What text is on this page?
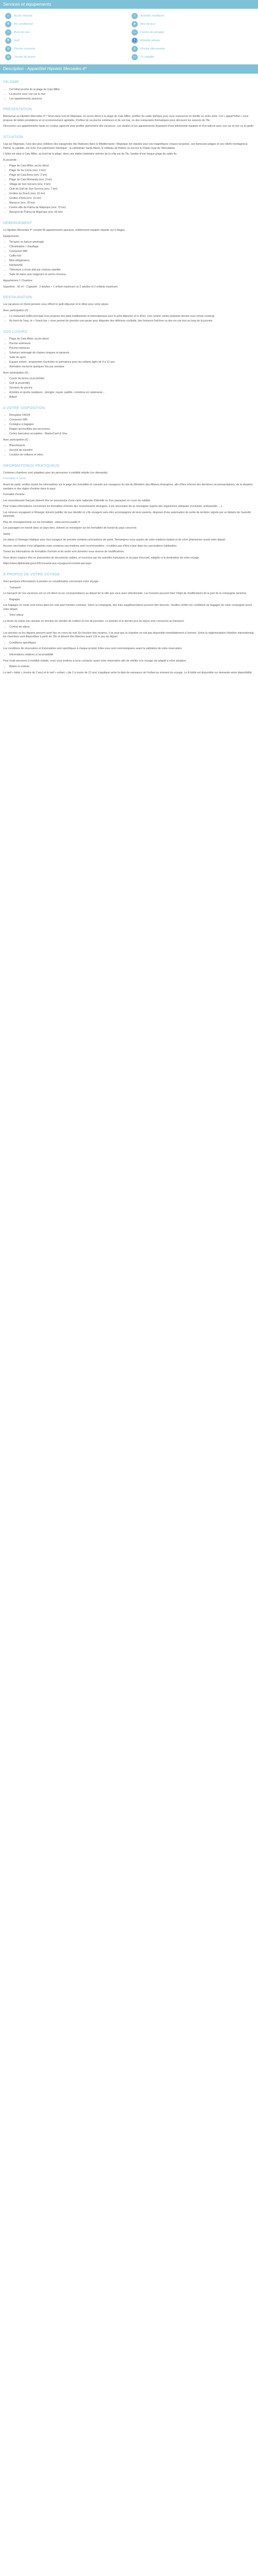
Services et équipements
⌂	Accès internet	☺	Activités nautiques
❄	Air conditionné	♣	Aire de jeux
≈	Bord de mer	♨	Centre de plongée
⚑	Golf	♿	Mobilité réduite
≋	Piscine couverte	≋	Piscine découverte
◎	Terrain de tennis	▭	Tv satellite
Description - Appartôtel Hipotels Mercedes 4*
ON AIME
• Cet hôtel proche de la plage de Cala Millor
• La piscine avec vue sur le mer
• Les appartements spacieux
PRÉSENTATION

Bienvenue au Hipotels Mercedes 4* ! Situé dans l'est de Majorque, en accès direct à la plage de Cala Millor, profitez du cadre idyllique pour vous ressourcer en famille ou entre amis. Cet « appart'hôtel » vous propose de belles prestations et un environnement agréable. Profitez de sa piscine extérieure et de son bar, ou des restaurants thématiques pour découvrir les saveurs de l'île.

Découvrez ces appartements hauts en couleur agencés pour profiter pleinement des vacances. Les studios et les appartements disposent d'une kitchenette équipée et d'un balcon avec vue sur la mer ou le jardin.

SITUATION

Cap sur Majorque, l'une des plus célèbres îles espagnoles des Baléares dans la Méditerranée ! Majorque est réputée pour ses magnifiques criques turquoise, ses fameuses plages et ses reliefs montagneux. Palma, la capitale, est riche d'un patrimoine historique : la cathédrale Santa Maria, le château de Bellver ou encore le Palais royal de l'Almudaina.

L'hôtel est situé à Cala Millor, au bord de la plage, dans une station balnéaire animée de la côte est de l'île, bordée d'une longue plage de sable fin.

À proximité :

• Plage de Cala Millor, accès direct
• Plage de Sa Coma (env. 2 km)
• Plage de Cala Bona (env. 2 km)
• Plage de Cala Morlanda (env. 3 km)
• Village de Son Servera (env. 4 km)
• Club de Golf de Son Servera (env. 7 km)
• Grottes du Drach (env. 10 km)
• Grottes d'Artà (env. 15 km)
• Manacor (env. 20 km)
• Centre-ville de Palma de Majorque (env. 73 km)
• Aéroport de Palma de Majorque (env. 66 km)
HÉBERGEMENT

Le Hipotels Mercedes 4* compte 96 appartements spacieux, entièrement équipés répartis sur 6 étages.

Équipements :

• Terrasse ou balcon aménagé
• Climatisation / chauffage
• Connexion Wifi
• Coffre-fort
• Mini-réfrigérateur
• Kitchenette
• Télévision à écran plat par chaînes satellite
• Salle de bains avec baignoire et sèche-cheveux

Appartement 1 Chambre

Superficie : 50 m² - Capacité : 3 adultes + 1 enfant maximum ou 2 adultes et 2 enfants maximum

RESTAURATION

Les vacances en Demi-pension vous offrent le petit déjeuner et le dîner pour votre séjour.

Avec participation (€) :

• Le restaurant buffet principal vous propose des plats traditionnels et internationaux pour le petit déjeuner et le dîner. Une cuisine variée préparée devant vous (show cooking).
• Au bord de l'eau, le « Snack bar » vous permet de prendre une pause pour déguster des délicieux cocktails, des boissons fraîches ou des en-cas tout au long de la journée.
VOS LOISIRS
• Plage de Cala Millor, accès direct
• Piscine extérieure
• Piscine intérieure
• Solarium aménagé de chaises longues et parasols
• Salle de sport
• Espace enfant : programme d'activités et animations pour les enfants âgés de 4 à 12 ans
• Animation nocturne quelques fois par semaine

Avec participation (€) :

• Courts de tennis (à proximité)
• Golf (à proximité)
• Services de piscine
• Activités et sports nautiques : plongée, kayak, paddle, croisières en catamaran...
• Billard
A VOTRE DISPOSITION
• Réception 24h/24
• Connexion Wifi
• Consigne à bagages
• Étages accessibles par ascenseur
• Cartes bancaires acceptées : MasterCard & Visa

Avec participation (€) :

• Blanchisserie
• Service de transfert
• Location de voitures et vélos
INFORMATION(S) PRATIQUE(S)

Certaines chambres sont adaptées pour les personnes à mobilité réduite (sur demande).

Formalités & Santé

Avant de partir, vérifiez toutes les informations sur la page des formalités et conseils aux voyageurs du site du Ministère des Affaires étrangères, afin d'être informé des dernières recommandations, de la situation sanitaire et des règles d'entrée dans le pays.

Formalité d'entrée :

Les ressortissants français doivent être en possession d'une carte nationale d'identité ou d'un passeport en cours de validité.

Pour toutes informations concernant les formalités d'entrée des ressortissants étrangers, il est nécessaire de se renseigner auprès des organismes adéquats (consulats, ambassade, ...).

Les mineurs voyageant à l'étranger doivent justifier de leur identité et, s'ils voyagent sans être accompagnés de leurs parents, disposer d'une autorisation de sortie de territoire signée par un titulaire de l'autorité parentale.

Plus de renseignements sur les formalités : www.service-public.fr

Les passagers en transit dans un pays tiers, doivent se renseigner sur les formalités de transit du pays concerné.

Santé :

Un séjour à l'étranger implique pour tout voyageur de prendre certaines précautions de santé. Renseignez-vous auprès de votre médecin traitant et de votre pharmacien avant votre départ.

Aucune vaccination n'est obligatoire mais certaines vaccinations sont recommandées ; n'oubliez pas d'être à jour dans les vaccinations habituelles.

Toutes les informations de formalités d'entrée et de santé sont données sous réserve de modifications.

Vous devez toujours être en possession de documents valides, et reconnus par les autorités françaises et du pays d'accueil, adaptés à la destination de votre voyage.

https://www.diplomatie.gouv.fr/fr/conseils-aux-voyageurs/conseils-par-pays

À PROPOS DE VOTRE VOYAGE

Voici quelques informations à prendre en considération concernant votre voyage :

• Transport

Le transport de vos vacances est un vol direct ou en correspondance au départ de la ville que vous avez sélectionnée. Les horaires peuvent faire l'objet de modifications de la part de la compagnie aérienne.

• Bagages

Les bagages en soute sont inclus dans les vols sauf mention contraire. Selon la compagnie, des frais supplémentaires peuvent être facturés. Veuillez vérifier les conditions de bagages de votre compagnie avant votre départ.

• Votre séjour

La durée du séjour est calculée en fonction du nombre de nuitées et non de journées. Le premier et le dernier jour du séjour sont consacrés au transport.

• Contrat de séjour

Les arrivées ou les départs peuvent avoir lieu en cours de nuit. En fonction des horaires, il se peut que la chambre ne soit pas disponible immédiatement à l'arrivée. Selon la réglementation hôtelière internationale, les chambres sont disponibles à partir de 15h et doivent être libérées avant 12h le jour du départ.

• Conditions spécifiques

Les conditions de réservation et d'annulation sont spécifiques à chaque produit. Elles vous sont communiquées avant la validation de votre réservation.

• Informations relatives à l'accessibilité

Pour toute personne à mobilité réduite, nous vous invitons à nous contacter avant votre réservation afin de vérifier si le voyage est adapté à votre situation.

• Bébés et enfants

Le tarif « bébé » (moins de 2 ans) et le tarif « enfant » (de 2 à moins de 12 ans) s'applique selon la date de naissance de l'enfant au moment du voyage. Le lit bébé est disponible sur demande selon disponibilité.
